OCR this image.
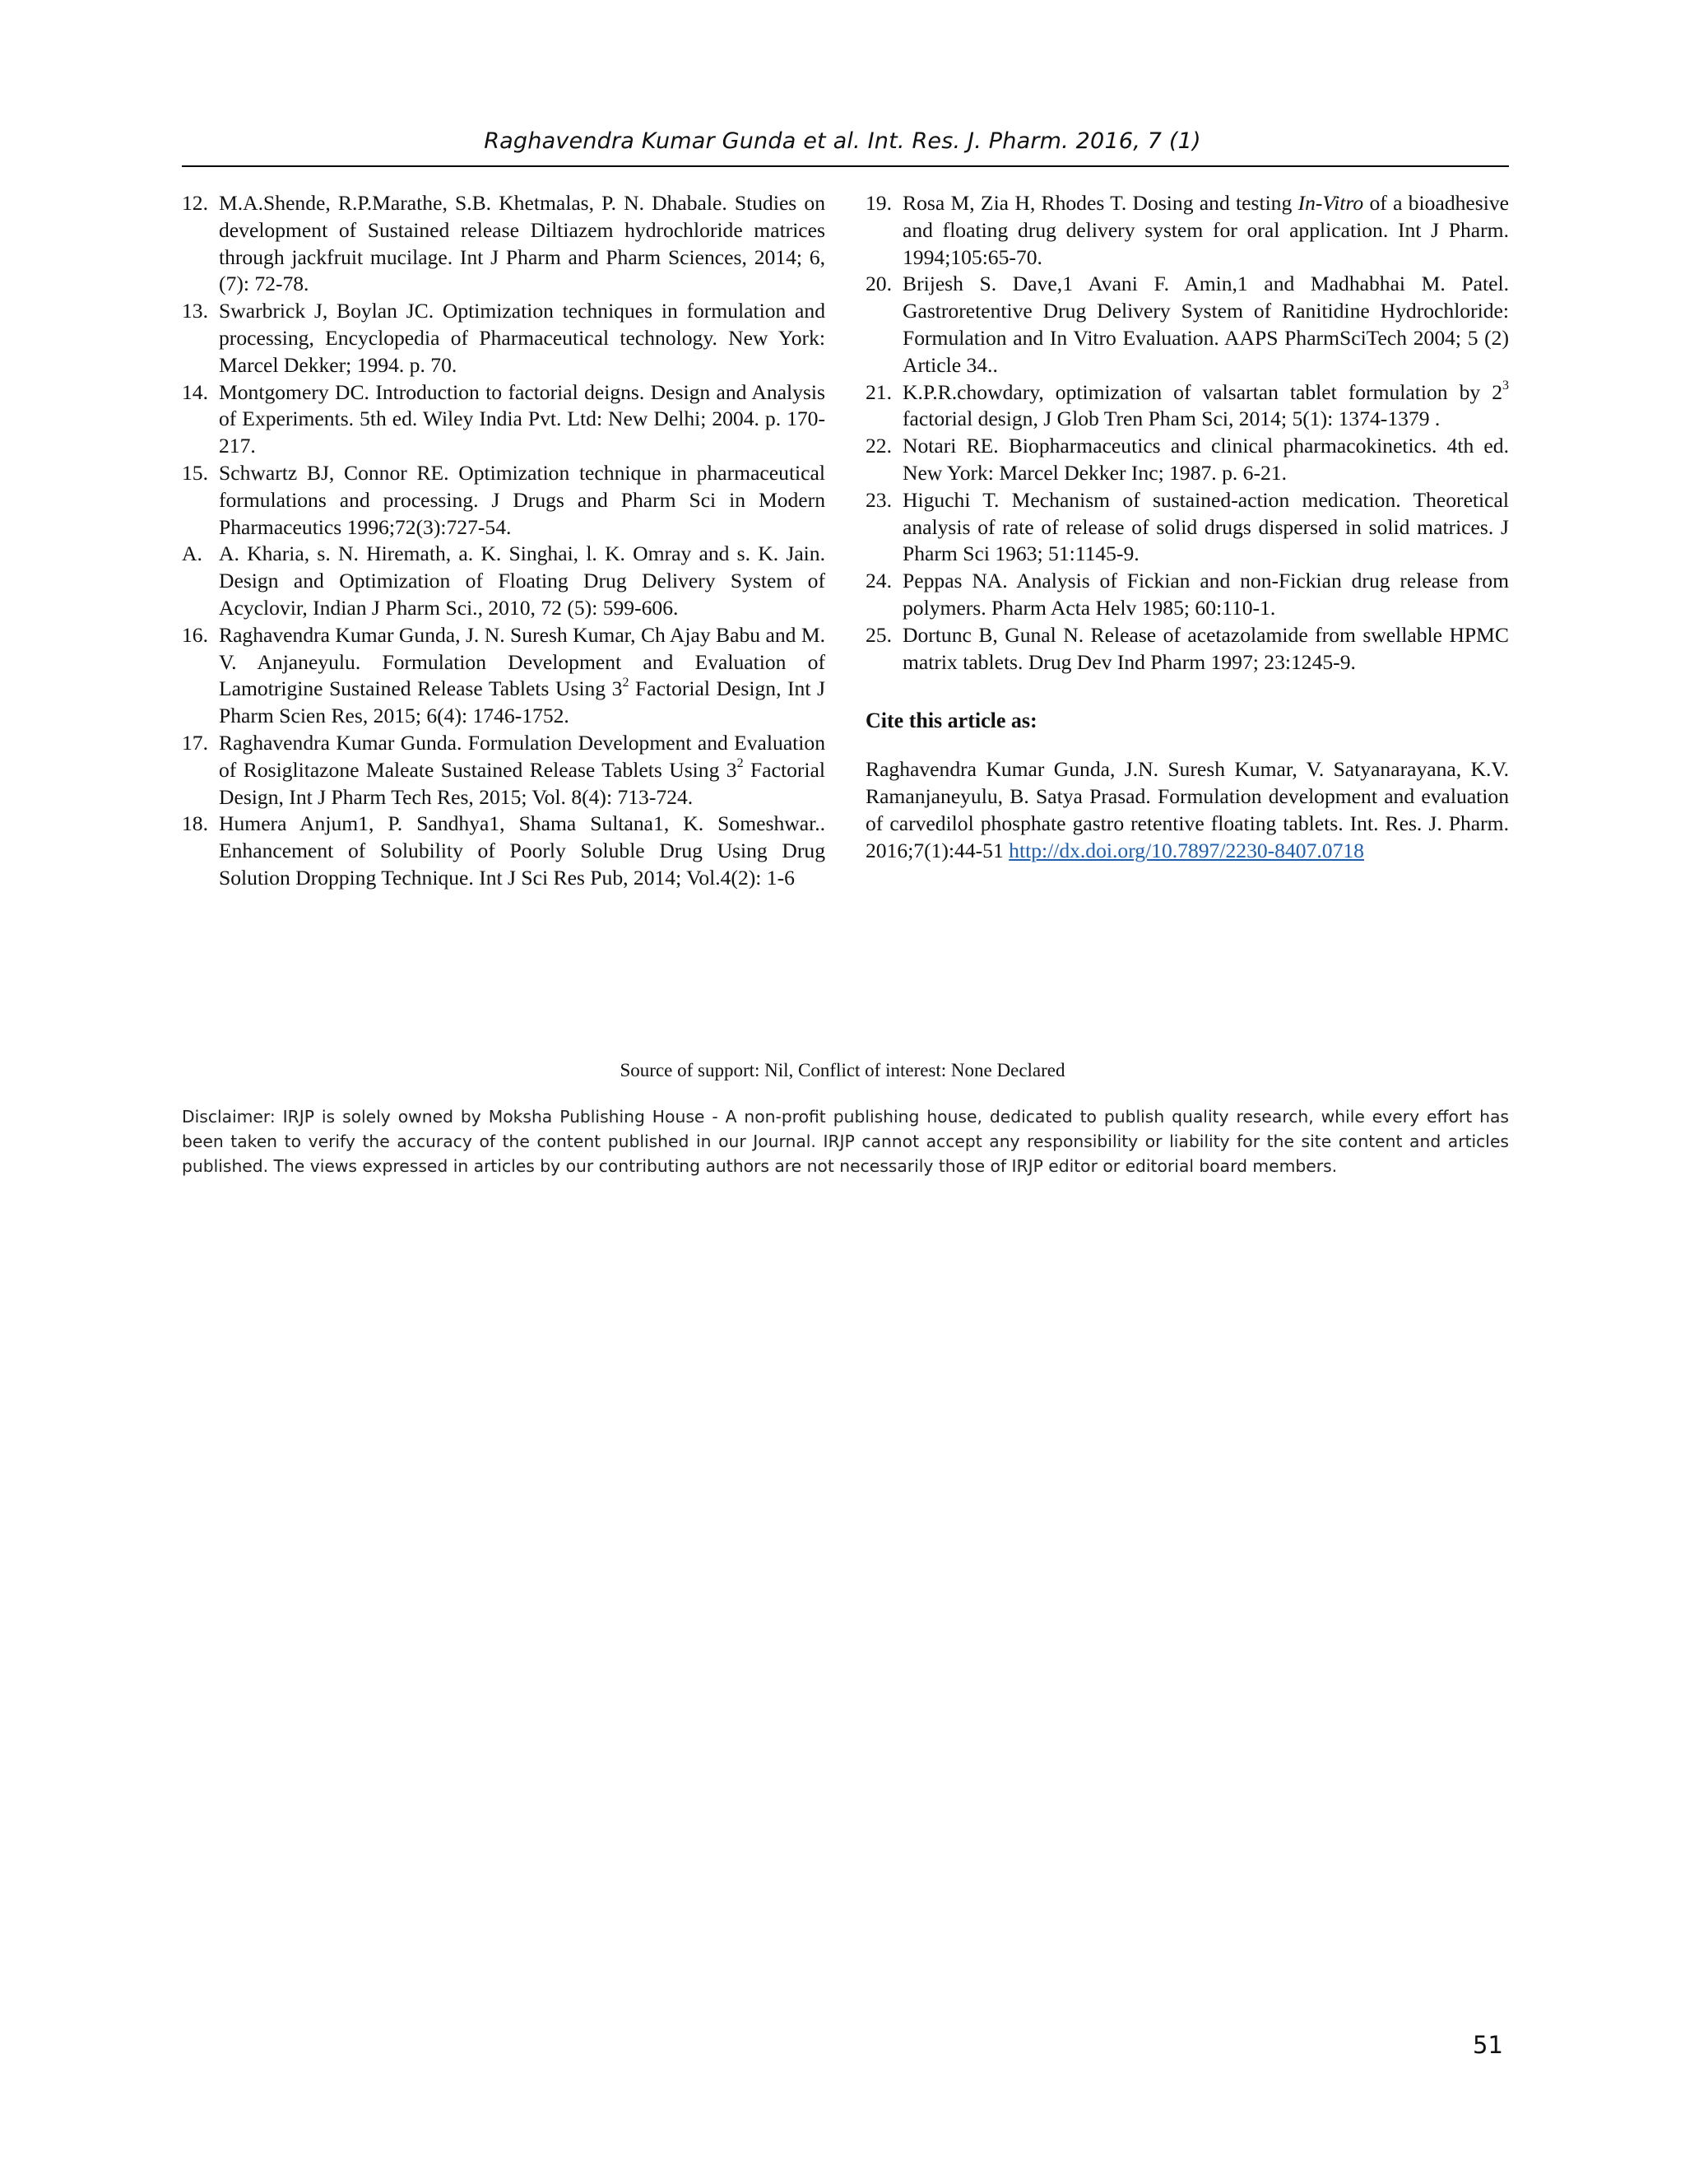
Raghavendra Kumar Gunda et al. Int. Res. J. Pharm. 2016, 7 (1)
12. M.A.Shende, R.P.Marathe, S.B. Khetmalas, P. N. Dhabale. Studies on development of Sustained release Diltiazem hydrochloride matrices through jackfruit mucilage. Int J Pharm and Pharm Sciences, 2014; 6, (7): 72-78.
13. Swarbrick J, Boylan JC. Optimization techniques in formulation and processing, Encyclopedia of Pharmaceutical technology. New York: Marcel Dekker; 1994. p. 70.
14. Montgomery DC. Introduction to factorial deigns. Design and Analysis of Experiments. 5th ed. Wiley India Pvt. Ltd: New Delhi; 2004. p. 170-217.
15. Schwartz BJ, Connor RE. Optimization technique in pharmaceutical formulations and processing. J Drugs and Pharm Sci in Modern Pharmaceutics 1996;72(3):727-54.
A. A. Kharia, s. N. Hiremath, a. K. Singhai, l. K. Omray and s. K. Jain. Design and Optimization of Floating Drug Delivery System of Acyclovir, Indian J Pharm Sci., 2010, 72 (5): 599-606.
16. Raghavendra Kumar Gunda, J. N. Suresh Kumar, Ch Ajay Babu and M. V. Anjaneyulu. Formulation Development and Evaluation of Lamotrigine Sustained Release Tablets Using $3^2$ Factorial Design, Int J Pharm Scien Res, 2015; 6(4): 1746-1752.
17. Raghavendra Kumar Gunda. Formulation Development and Evaluation of Rosiglitazone Maleate Sustained Release Tablets Using $3^2$ Factorial Design, Int J Pharm Tech Res, 2015; Vol. 8(4): 713-724.
18. Humera Anjum1, P. Sandhya1, Shama Sultana1, K. Someshwar.. Enhancement of Solubility of Poorly Soluble Drug Using Drug Solution Dropping Technique. Int J Sci Res Pub, 2014; Vol.4(2): 1-6
19. Rosa M, Zia H, Rhodes T. Dosing and testing In-Vitro of a bioadhesive and floating drug delivery system for oral application. Int J Pharm. 1994;105:65-70.
20. Brijesh S. Dave,1 Avani F. Amin,1 and Madhabhai M. Patel. Gastroretentive Drug Delivery System of Ranitidine Hydrochloride: Formulation and In Vitro Evaluation. AAPS PharmSciTech 2004; 5 (2) Article 34..
21. K.P.R.chowdary, optimization of valsartan tablet formulation by $2^3$ factorial design, J Glob Tren Pham Sci, 2014; 5(1): 1374-1379 .
22. Notari RE. Biopharmaceutics and clinical pharmacokinetics. 4th ed. New York: Marcel Dekker Inc; 1987. p. 6-21.
23. Higuchi T. Mechanism of sustained-action medication. Theoretical analysis of rate of release of solid drugs dispersed in solid matrices. J Pharm Sci 1963; 51:1145-9.
24. Peppas NA. Analysis of Fickian and non-Fickian drug release from polymers. Pharm Acta Helv 1985; 60:110-1.
25. Dortunc B, Gunal N. Release of acetazolamide from swellable HPMC matrix tablets. Drug Dev Ind Pharm 1997; 23:1245-9.
Cite this article as:
Raghavendra Kumar Gunda, J.N. Suresh Kumar, V. Satyanarayana, K.V. Ramanjaneyulu, B. Satya Prasad. Formulation development and evaluation of carvedilol phosphate gastro retentive floating tablets. Int. Res. J. Pharm. 2016;7(1):44-51 http://dx.doi.org/10.7897/2230-8407.0718
Source of support: Nil, Conflict of interest: None Declared
Disclaimer: IRJP is solely owned by Moksha Publishing House - A non-profit publishing house, dedicated to publish quality research, while every effort has been taken to verify the accuracy of the content published in our Journal. IRJP cannot accept any responsibility or liability for the site content and articles published. The views expressed in articles by our contributing authors are not necessarily those of IRJP editor or editorial board members.
51
